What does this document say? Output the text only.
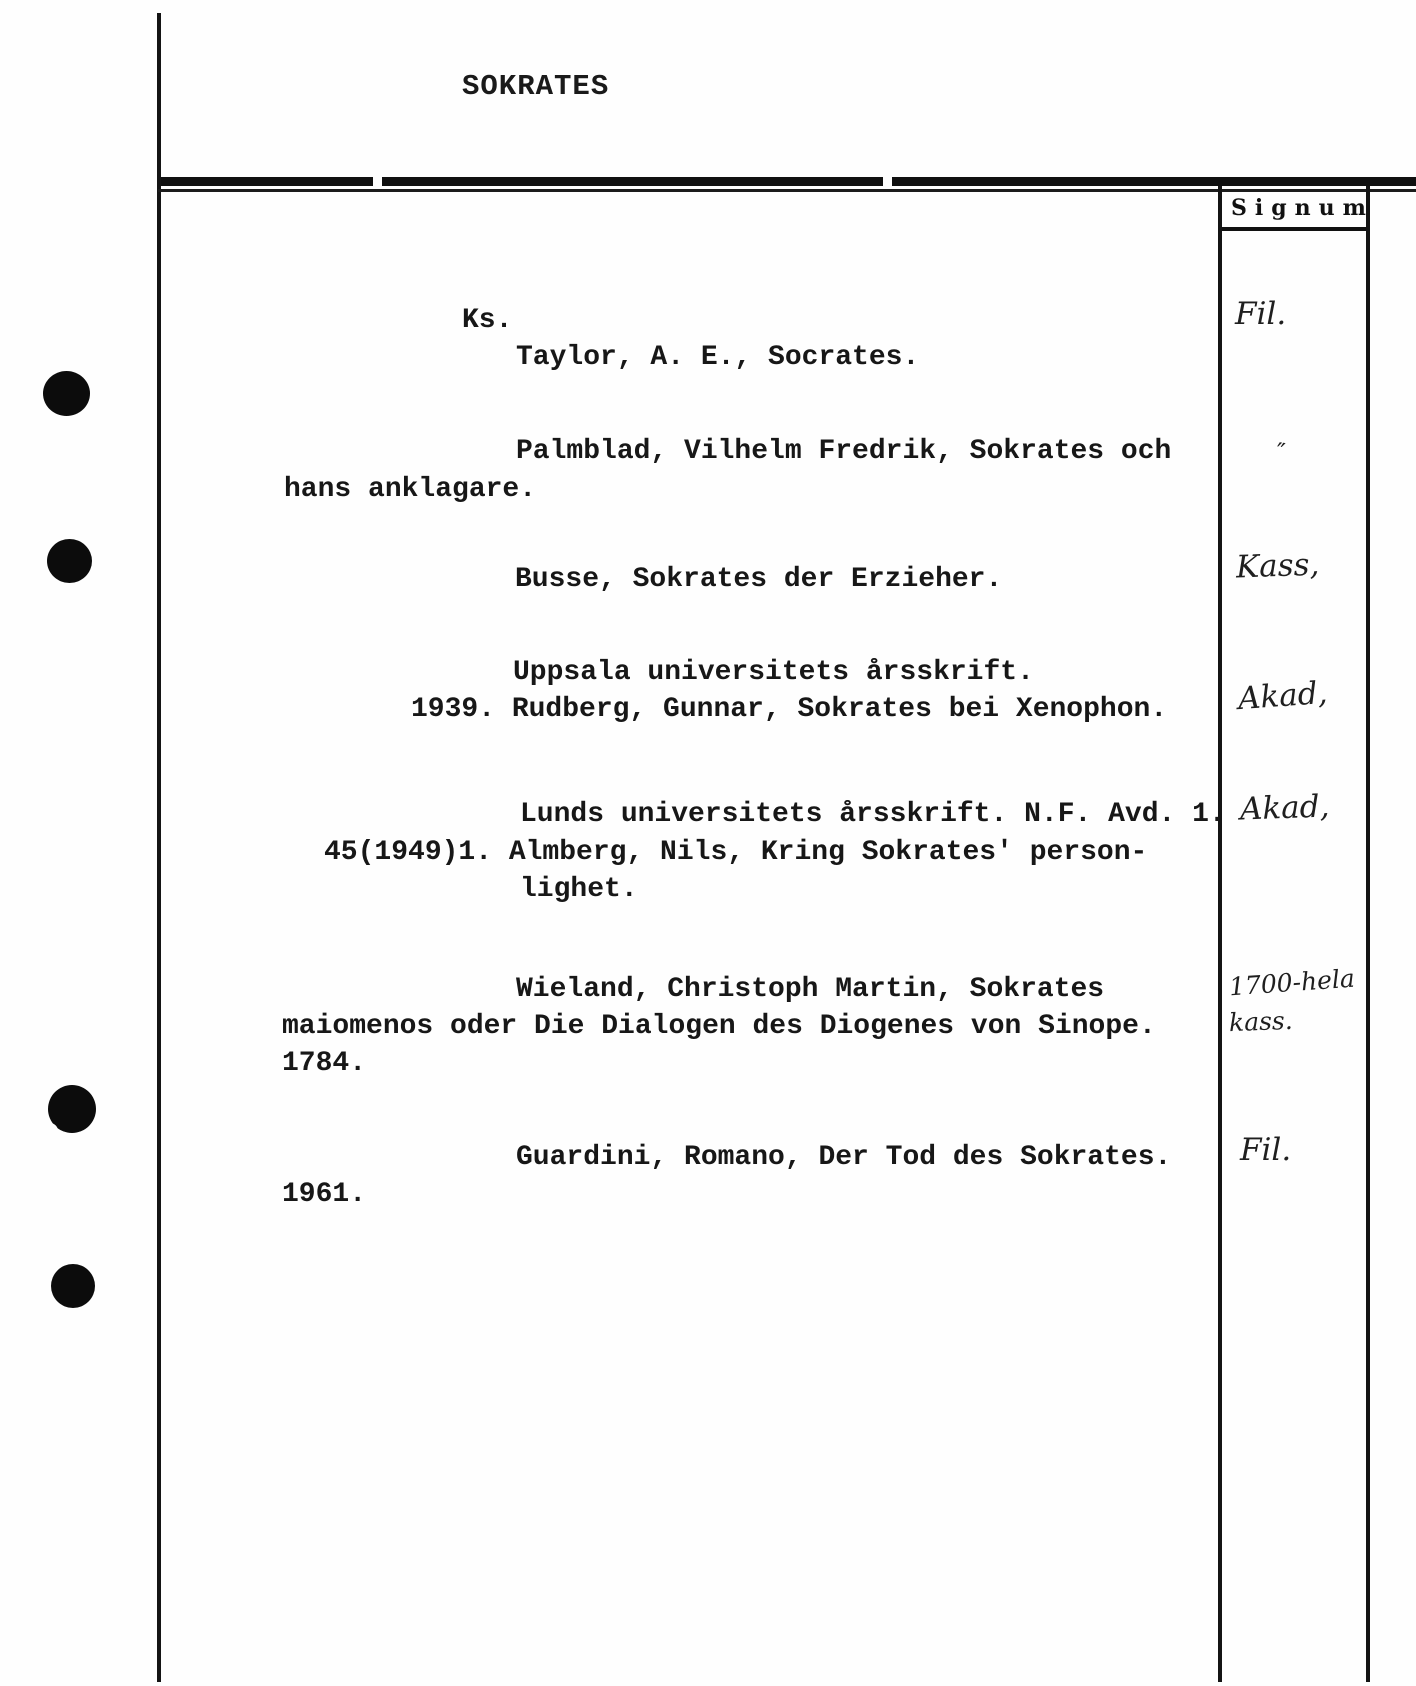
SOKRATES
Signum
Ks.
Taylor, A. E., Socrates.
Fil.
Palmblad, Vilhelm Fredrik, Sokrates och
hans anklagare.
″
Busse, Sokrates der Erzieher.	Kass,
Uppsala universitets årsskrift.
1939. Rudberg, Gunnar, Sokrates bei Xenophon. Akad,
Lunds universitets årsskrift. N.F. Avd. 1.
45(1949)1. Almberg, Nils, Kring Sokrates' person-
lighet.
Akad,
Wieland, Christoph Martin, Sokrates
maiomenos oder Die Dialogen des Diogenes von Sinope.
1784.
1700-hela
kass.
Guardini, Romano, Der Tod des Sokrates.
1961.
Fil.
